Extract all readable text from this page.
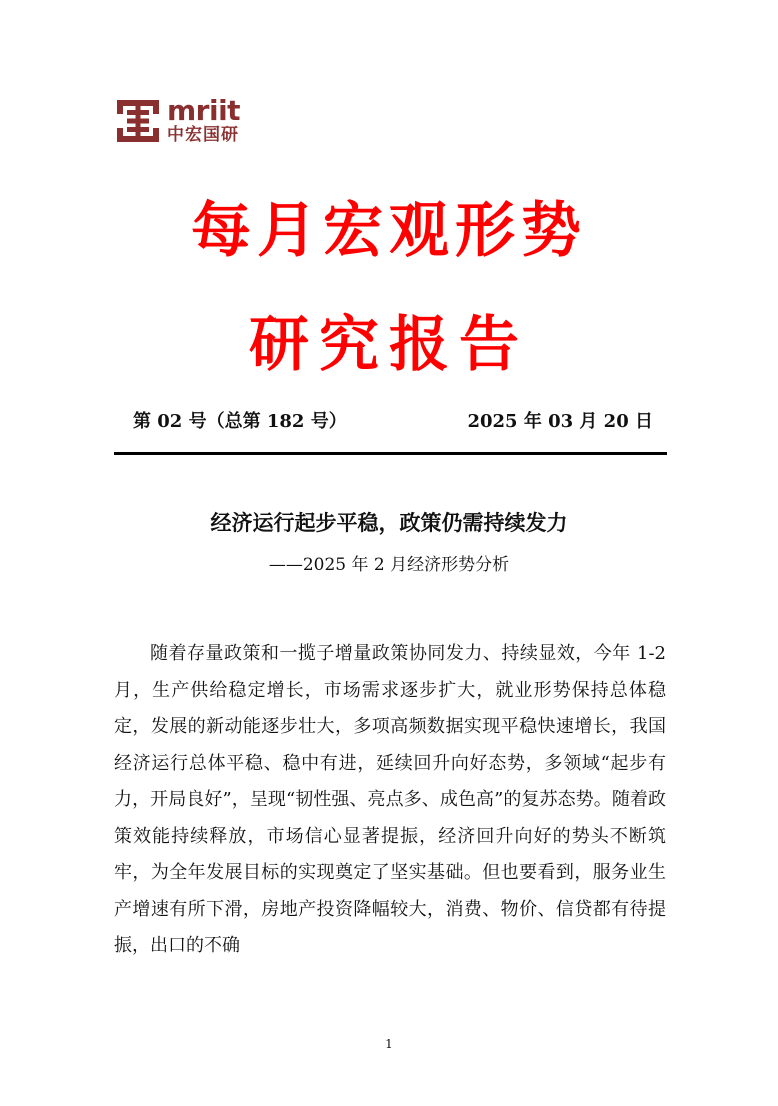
mriit
中宏国研
每月宏观形势
研究报告
第 02 号（总第 182 号）	2025 年 03 月 20 日
经济运行起步平稳，政策仍需持续发力
——2025 年 2 月经济形势分析

随着存量政策和一揽子增量政策协同发力、持续显效，今年 1-2 月，生产供给稳定增长，市场需求逐步扩大，就业形势保持总体稳定，发展的新动能逐步壮大，多项高频数据实现平稳快速增长，我国经济运行总体平稳、稳中有进，延续回升向好态势，多领域“起步有力，开局良好”，呈现“韧性强、亮点多、成色高”的复苏态势。随着政策效能持续释放，市场信心显著提振，经济回升向好的势头不断筑牢，为全年发展目标的实现奠定了坚实基础。但也要看到，服务业生产增速有所下滑，房地产投资降幅较大，消费、物价、信贷都有待提振，出口的不确

1
